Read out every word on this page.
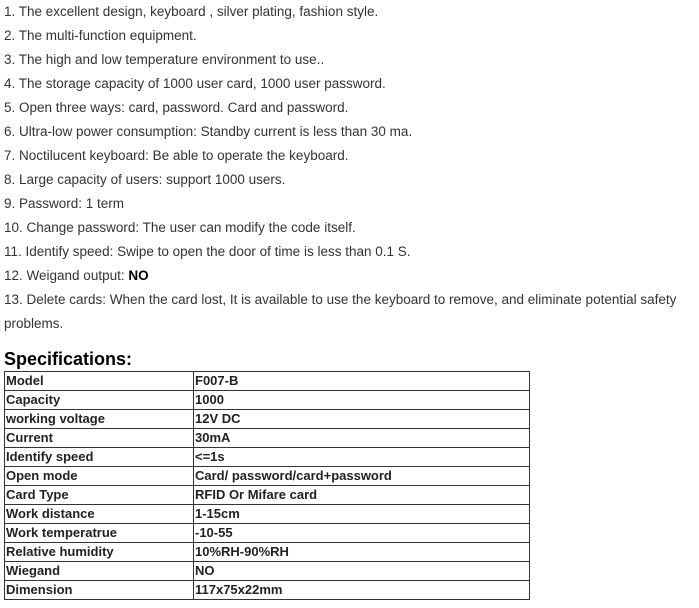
1. The excellent design, keyboard , silver plating, fashion style.
2. The multi-function equipment.
3. The high and low temperature environment to use..
4. The storage capacity of 1000 user card, 1000 user password.
5. Open three ways: card, password. Card and password.
6. Ultra-low power consumption: Standby current is less than 30 ma.
7. Noctilucent keyboard: Be able to operate the keyboard.
8. Large capacity of users: support 1000 users.
9. Password: 1 term
10. Change password: The user can modify the code itself.
11. Identify speed: Swipe to open the door of time is less than 0.1 S.
12. Weigand output: NO
13. Delete cards: When the card lost, It is available to use the keyboard to remove, and eliminate potential safety problems.
Specifications:
Model	F007-B
Capacity	1000
working voltage	12V DC
Current	30mA
Identify speed	<=1s
Open mode	Card/ password/card+password
Card Type	RFID Or Mifare card
Work distance	1-15cm
Work temperatrue	-10-55
Relative humidity	10%RH-90%RH
Wiegand	NO
Dimension	117x75x22mm
